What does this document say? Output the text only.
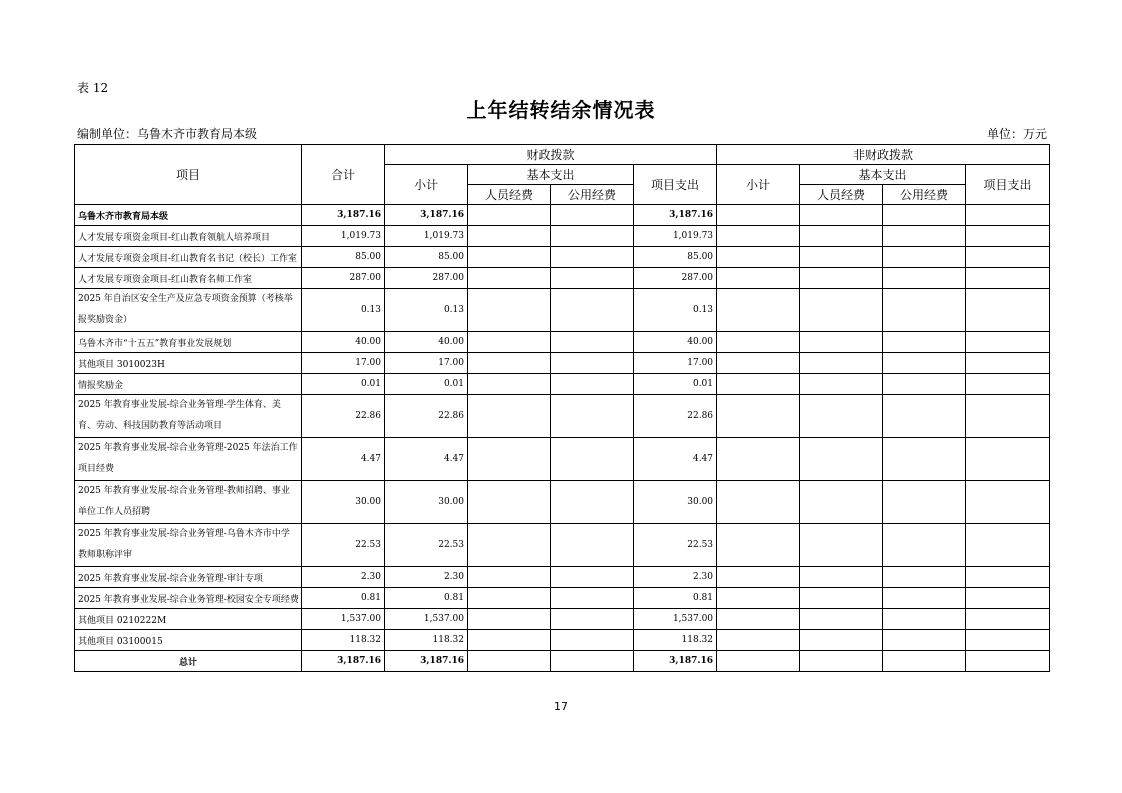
表 12
上年结转结余情况表
编制单位：乌鲁木齐市教育局本级	单位：万元
项目	合计	财政拨款				非财政拨款			
		小计	基本支出		项目支出	小计	基本支出		项目支出
			人员经费	公用经费			人员经费	公用经费	
乌鲁木齐市教育局本级	3,187.16	3,187.16			3,187.16				
人才发展专项资金项目-红山教育领航人培养项目	1,019.73	1,019.73			1,019.73				
人才发展专项资金项目-红山教育名书记（校长）工作室	85.00	85.00			85.00				
人才发展专项资金项目-红山教育名师工作室	287.00	287.00			287.00				
2025 年自治区安全生产及应急专项资金预算（考核举报奖励资金）	0.13	0.13			0.13				
乌鲁木齐市“十五五”教育事业发展规划	40.00	40.00			40.00				
其他项目 3010023H	17.00	17.00			17.00				
情报奖励金	0.01	0.01			0.01				
2025 年教育事业发展-综合业务管理-学生体育、美育、劳动、科技国防教育等活动项目	22.86	22.86			22.86				
2025 年教育事业发展-综合业务管理-2025 年法治工作项目经费	4.47	4.47			4.47				
2025 年教育事业发展-综合业务管理-教师招聘、事业单位工作人员招聘	30.00	30.00			30.00				
2025 年教育事业发展-综合业务管理-乌鲁木齐市中学教师职称评审	22.53	22.53			22.53				
2025 年教育事业发展-综合业务管理-审计专项	2.30	2.30			2.30				
2025 年教育事业发展-综合业务管理-校园安全专项经费	0.81	0.81			0.81				
其他项目 0210222M	1,537.00	1,537.00			1,537.00				
其他项目 03100015	118.32	118.32			118.32				
总计	3,187.16	3,187.16			3,187.16				
17
